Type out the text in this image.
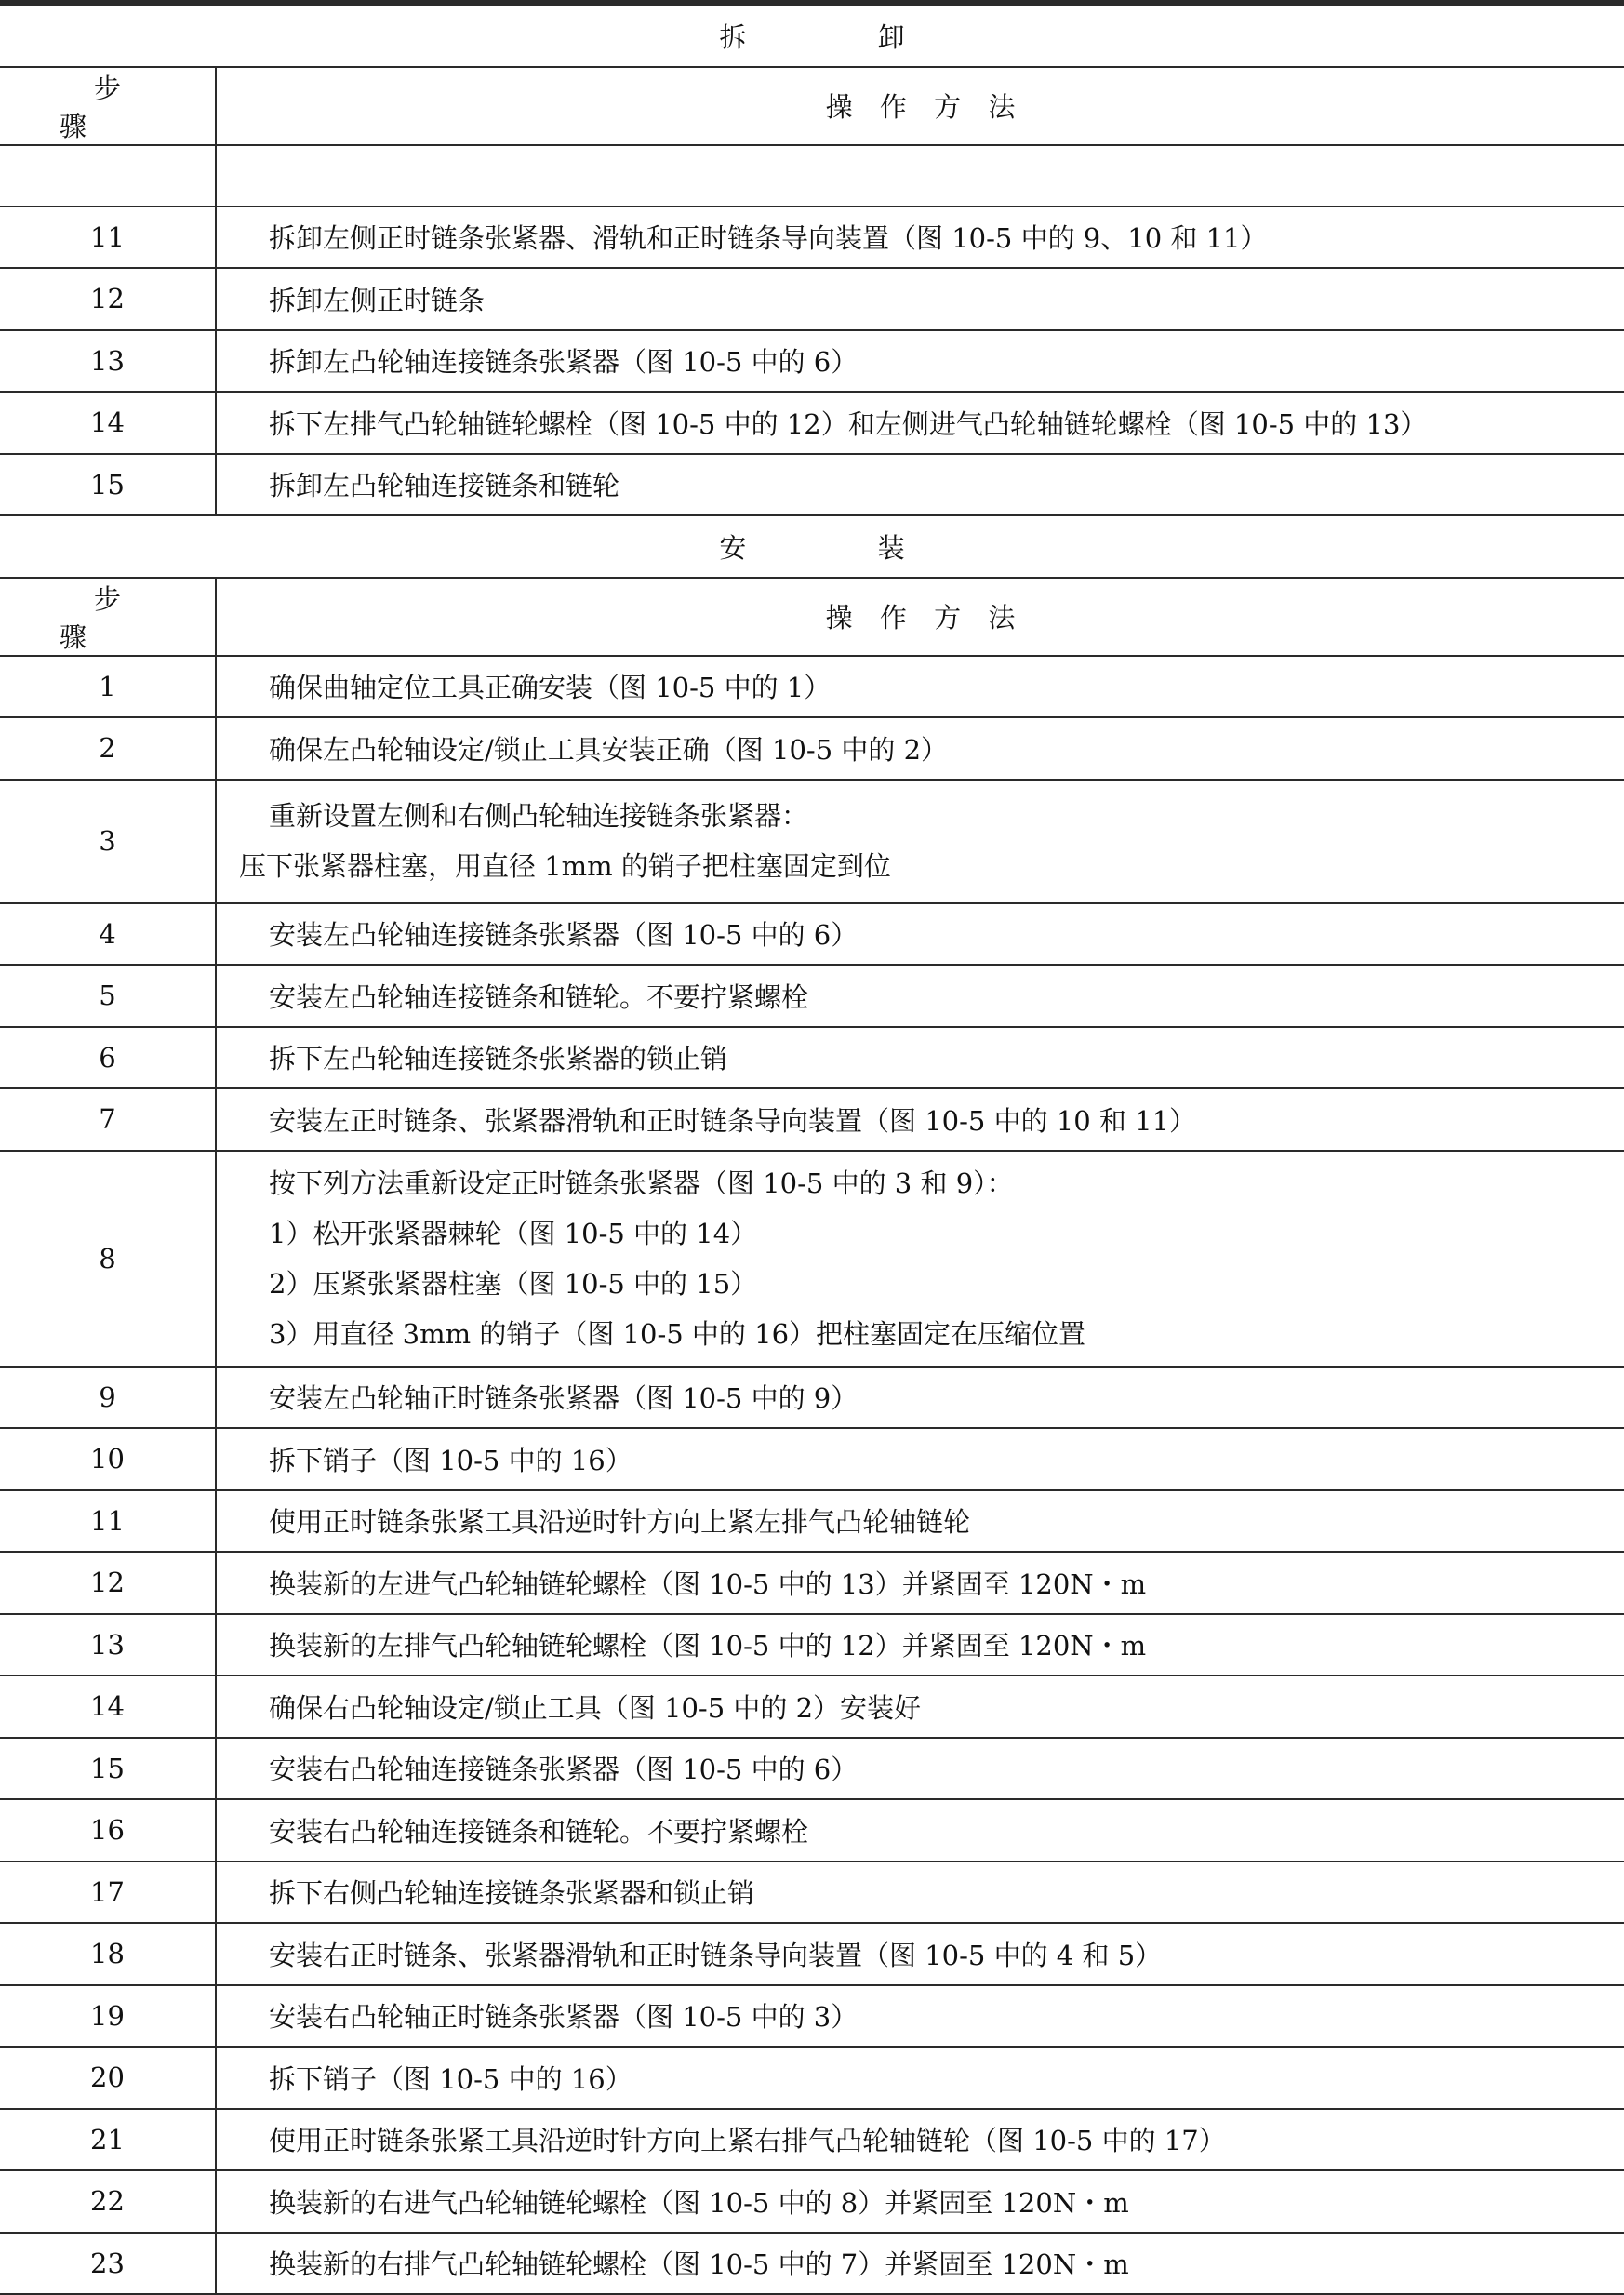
拆 卸	
步 骤	操 作 方 法

11	拆卸左侧正时链条张紧器、滑轨和正时链条导向装置（图 10-5 中的 9、10 和 11）
12	拆卸左侧正时链条
13	拆卸左凸轮轴连接链条张紧器（图 10-5 中的 6）
14	拆下左排气凸轮轴链轮螺栓（图 10-5 中的 12）和左侧进气凸轮轴链轮螺栓（图 10-5 中的 13）
15	拆卸左凸轮轴连接链条和链轮
安 装	
步 骤	操 作 方 法
1	确保曲轴定位工具正确安装（图 10-5 中的 1）
2	确保左凸轮轴设定/锁止工具安装正确（图 10-5 中的 2）
3	重新设置左侧和右侧凸轮轴连接链条张紧器：
压下张紧器柱塞，用直径 1mm 的销子把柱塞固定到位

4	安装左凸轮轴连接链条张紧器（图 10-5 中的 6）
5	安装左凸轮轴连接链条和链轮。不要拧紧螺栓
6	拆下左凸轮轴连接链条张紧器的锁止销
7	安装左正时链条、张紧器滑轨和正时链条导向装置（图 10-5 中的 10 和 11）
8	按下列方法重新设定正时链条张紧器（图 10-5 中的 3 和 9）：
1）松开张紧器棘轮（图 10-5 中的 14）
2）压紧张紧器柱塞（图 10-5 中的 15）
3）用直径 3mm 的销子（图 10-5 中的 16）把柱塞固定在压缩位置

9	安装左凸轮轴正时链条张紧器（图 10-5 中的 9）
10	拆下销子（图 10-5 中的 16）
11	使用正时链条张紧工具沿逆时针方向上紧左排气凸轮轴链轮
12	换装新的左进气凸轮轴链轮螺栓（图 10-5 中的 13）并紧固至 120N・m
13	换装新的左排气凸轮轴链轮螺栓（图 10-5 中的 12）并紧固至 120N・m
14	确保右凸轮轴设定/锁止工具（图 10-5 中的 2）安装好
15	安装右凸轮轴连接链条张紧器（图 10-5 中的 6）
16	安装右凸轮轴连接链条和链轮。不要拧紧螺栓
17	拆下右侧凸轮轴连接链条张紧器和锁止销
18	安装右正时链条、张紧器滑轨和正时链条导向装置（图 10-5 中的 4 和 5）
19	安装右凸轮轴正时链条张紧器（图 10-5 中的 3）
20	拆下销子（图 10-5 中的 16）
21	使用正时链条张紧工具沿逆时针方向上紧右排气凸轮轴链轮（图 10-5 中的 17）
22	换装新的右进气凸轮轴链轮螺栓（图 10-5 中的 8）并紧固至 120N・m
23	换装新的右排气凸轮轴链轮螺栓（图 10-5 中的 7）并紧固至 120N・m
